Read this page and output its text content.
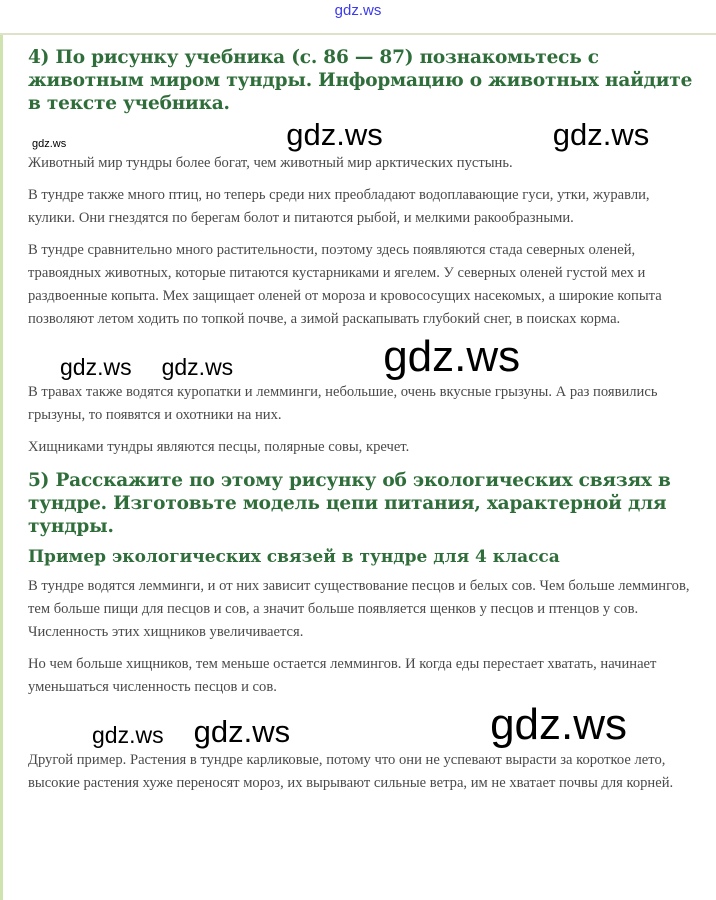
gdz.ws
4) По рисунку учебника (с. 86 — 87) познакомьтесь с животным миром тундры. Информацию о животных найдите в тексте учебника.
gdz.ws	gdz.ws	gdz.ws

Животный мир тундры более богат, чем животный мир арктических пустынь.

В тундре также много птиц, но теперь среди них преобладают водоплавающие гуси, утки, журавли, кулики. Они гнездятся по берегам болот и питаются рыбой, и мелкими ракообразными.

В тундре сравнительно много растительности, поэтому здесь появляются стада северных оленей, травоядных животных, которые питаются кустарниками и ягелем. У северных оленей густой мех и раздвоенные копыта. Мех защищает оленей от мороза и кровососущих насекомых, а широкие копыта позволяют летом ходить по топкой почве, а зимой раскапывать глубокий снег, в поисках корма.

gdz.ws gdz.ws	gdz.ws

В травах также водятся куропатки и лемминги, небольшие, очень вкусные грызуны. А раз появились грызуны, то появятся и охотники на них.

Хищниками тундры являются песцы, полярные совы, кречет.

5) Расскажите по этому рисунку об экологических связях в тундре. Изготовьте модель цепи питания, характерной для тундры.
Пример экологических связей в тундре для 4 класса

В тундре водятся лемминги, и от них зависит существование песцов и белых сов. Чем больше леммингов, тем больше пищи для песцов и сов, а значит больше появляется щенков у песцов и птенцов у сов. Численность этих хищников увеличивается.

Но чем больше хищников, тем меньше остается леммингов. И когда еды перестает хватать, начинает уменьшаться численность песцов и сов.

gdz.ws gdz.ws	gdz.ws

Другой пример. Растения в тундре карликовые, потому что они не успевают вырасти за короткое лето, высокие растения хуже переносят мороз, их вырывают сильные ветра, им не хватает почвы для корней.
